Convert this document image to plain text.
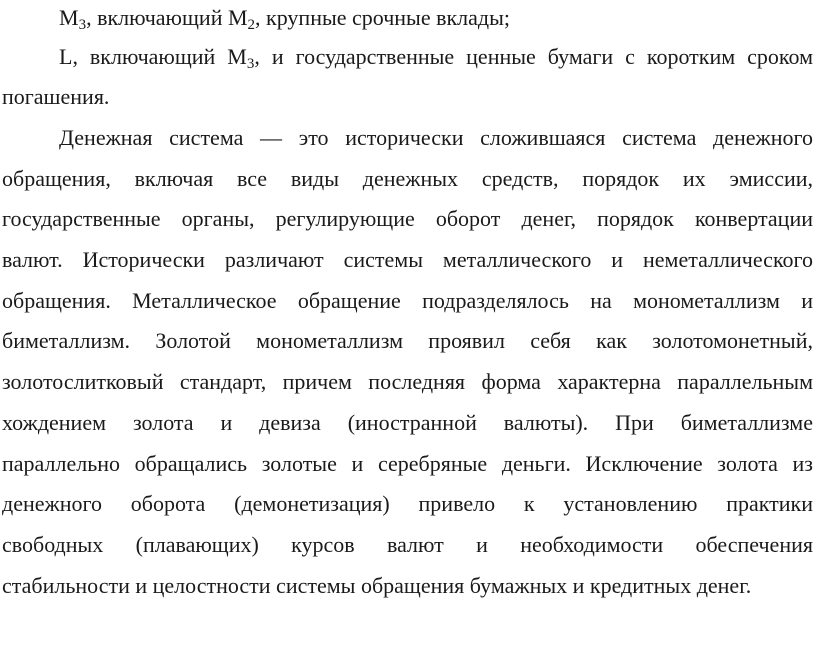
$M_3$, включающий $M_2$, крупные срочные вклады;
L, включающий $M_3$, и государственные ценные бумаги с коротким сроком
погашения.
Денежная система — это исторически сложившаяся система денежного
обращения, включая все виды денежных средств, порядок их эмиссии,
государственные органы, регулирующие оборот денег, порядок конвертации
валют. Исторически различают системы металлического и неметаллического
обращения. Металлическое обращение подразделялось на монометаллизм и
биметаллизм. Золотой монометаллизм проявил себя как золотомонетный,
золотослитковый стандарт, причем последняя форма характерна параллельным
хождением золота и девиза (иностранной валюты). При биметаллизме
параллельно обращались золотые и серебряные деньги. Исключение золота из
денежного оборота (демонетизация) привело к установлению практики
свободных (плавающих) курсов валют и необходимости обеспечения
стабильности и целостности системы обращения бумажных и кредитных денег.
